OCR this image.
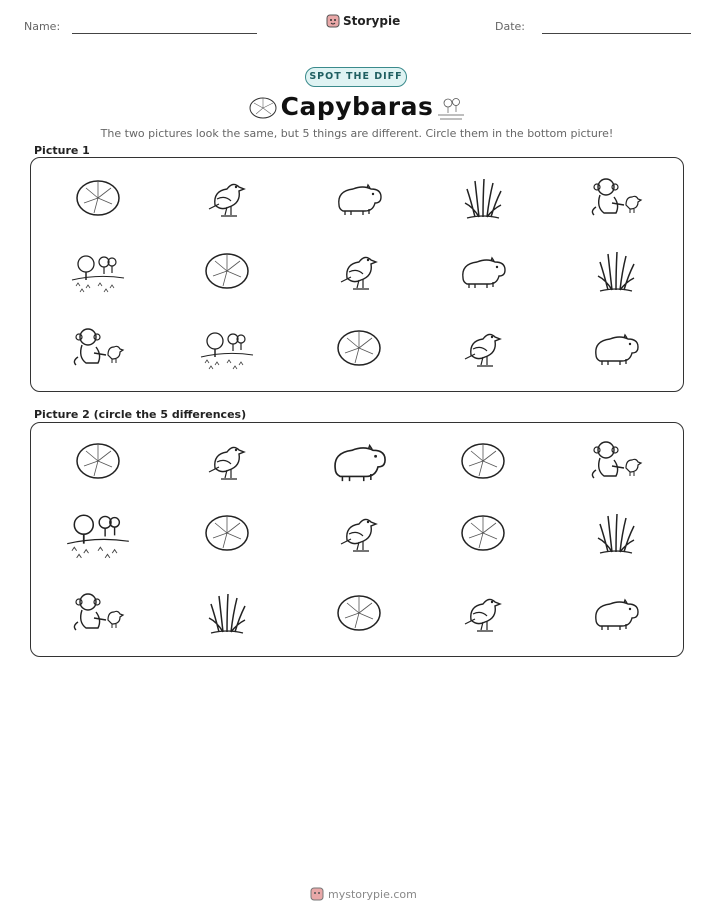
Name:	Storypie	Date:
SPOT THE DIFF
Capybaras
The two pictures look the same, but 5 things are different. Circle them in the bottom picture!
Picture 1
Picture 2 (circle the 5 differences)
mystorypie.com
